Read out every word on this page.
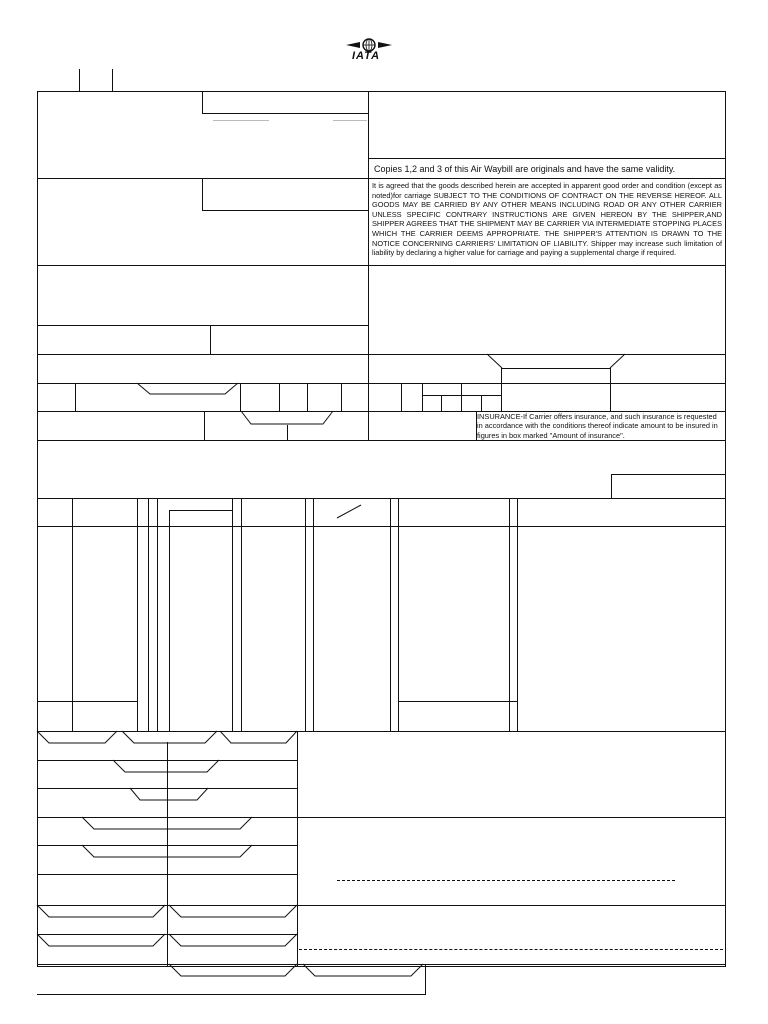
IATA
Copies 1,2 and 3 of this Air Waybill are originals and have the same validity.
It is agreed that the goods described herein are accepted in apparent good order and condition (except as noted)for carriage SUBJECT TO THE CONDITIONS OF CONTRACT ON THE REVERSE HEREOF. ALL GOODS MAY BE CARRIED BY ANY OTHER MEANS INCLUDING ROAD OR ANY OTHER CARRIER UNLESS SPECIFIC CONTRARY INSTRUCTIONS ARE GIVEN HEREON BY THE SHIPPER,AND SHIPPER AGREES THAT THE SHIPMENT MAY BE CARRIER VIA INTERMEDIATE STOPPING PLACES WHICH THE CARRIER DEEMS APPROPRIATE. THE SHIPPER'S ATTENTION IS DRAWN TO THE NOTICE CONCERNING CARRIERS' LIMITATION OF LIABILITY. Shipper may increase such limitation of liability by declaring a higher value for carriage and paying a supplemental charge if required.
INSURANCE-If Carrier offers insurance, and such insurance is requested in accordance with the conditions thereof indicate amount to be insured in figures in box marked "Amount of insurance".
